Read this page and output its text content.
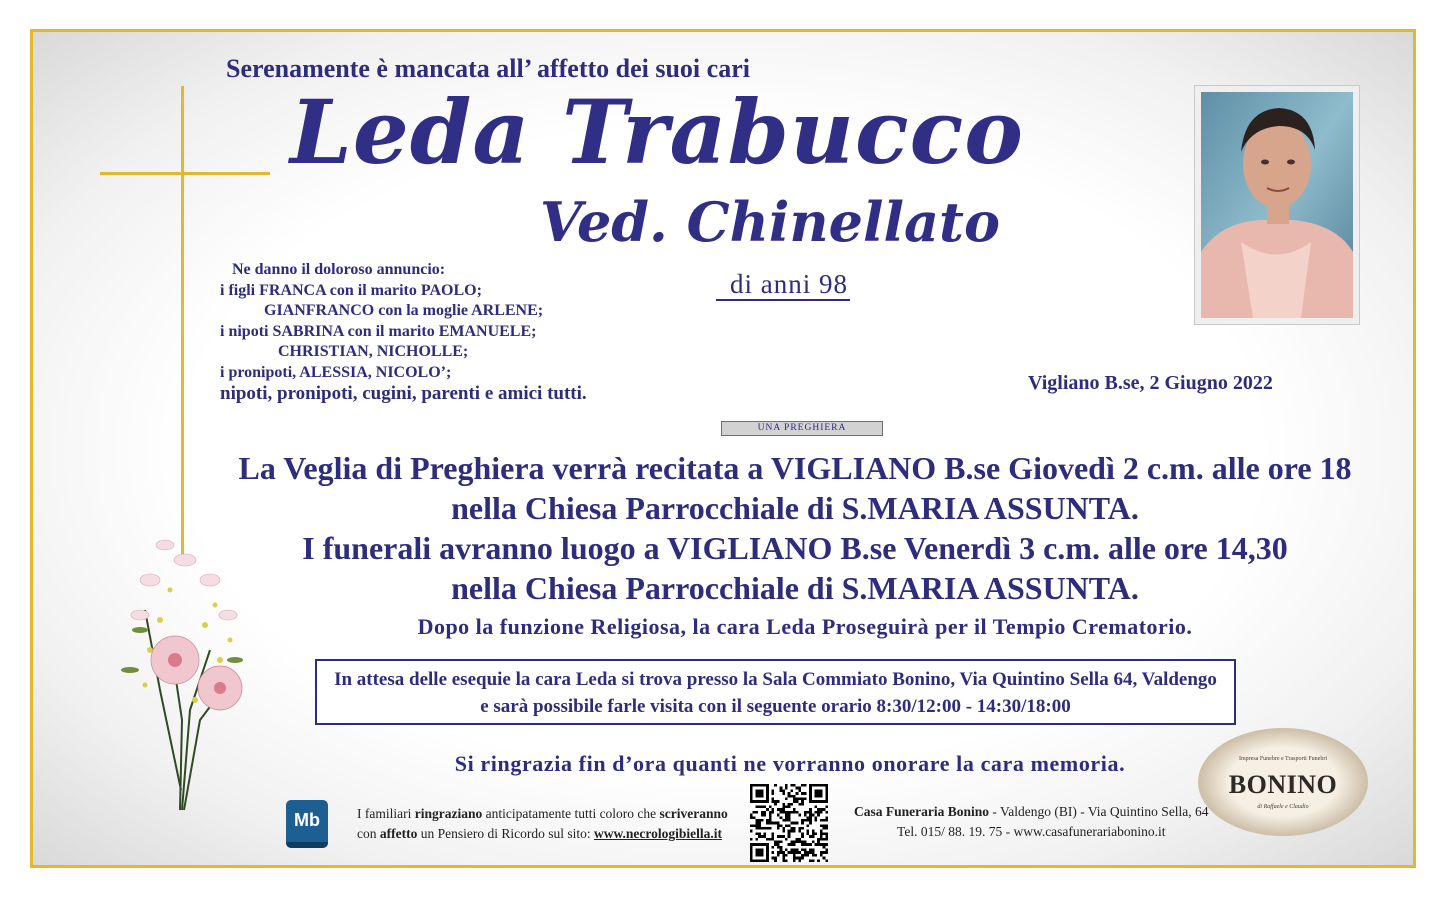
Serenamente è mancata all’ affetto dei suoi cari
Leda Trabucco
Ved. Chinellato
di anni 98
Ne danno il doloroso annuncio:
i figli FRANCA con il marito PAOLO;
GIANFRANCO con la moglie ARLENE;
i nipoti SABRINA con il marito EMANUELE;
CHRISTIAN, NICHOLLE;
i pronipoti, ALESSIA, NICOLO’;
nipoti, pronipoti, cugini, parenti e amici tutti.	Vigliano B.se, 2 Giugno 2022
UNA PREGHIERA
La Veglia di Preghiera verrà recitata a VIGLIANO B.se Giovedì 2 c.m. alle ore 18
nella Chiesa Parrocchiale di S.MARIA ASSUNTA.
I funerali avranno luogo a VIGLIANO B.se Venerdì 3 c.m. alle ore 14,30
nella Chiesa Parrocchiale di S.MARIA ASSUNTA.
Dopo la funzione Religiosa, la cara Leda Proseguirà per il Tempio Crematorio.
In attesa delle esequie la cara Leda si trova presso la Sala Commiato Bonino, Via Quintino Sella 64, Valdengo
e sarà possibile farle visita con il seguente orario 8:30/12:00 - 14:30/18:00
Si ringrazia fin d’ora quanti ne vorranno onorare la cara memoria.
Mb	I familiari ringraziano anticipatamente tutti coloro che scriveranno
con affetto un Pensiero di Ricordo sul sito: www.necrologibiella.it
Casa Funeraria Bonino - Valdengo (BI) - Via Quintino Sella, 64
Tel. 015/ 88. 19. 75 - www.casafunerariabonino.it
Impresa Funebre e Trasporti Funebri
BONINO
di Raffaele e Claudio
